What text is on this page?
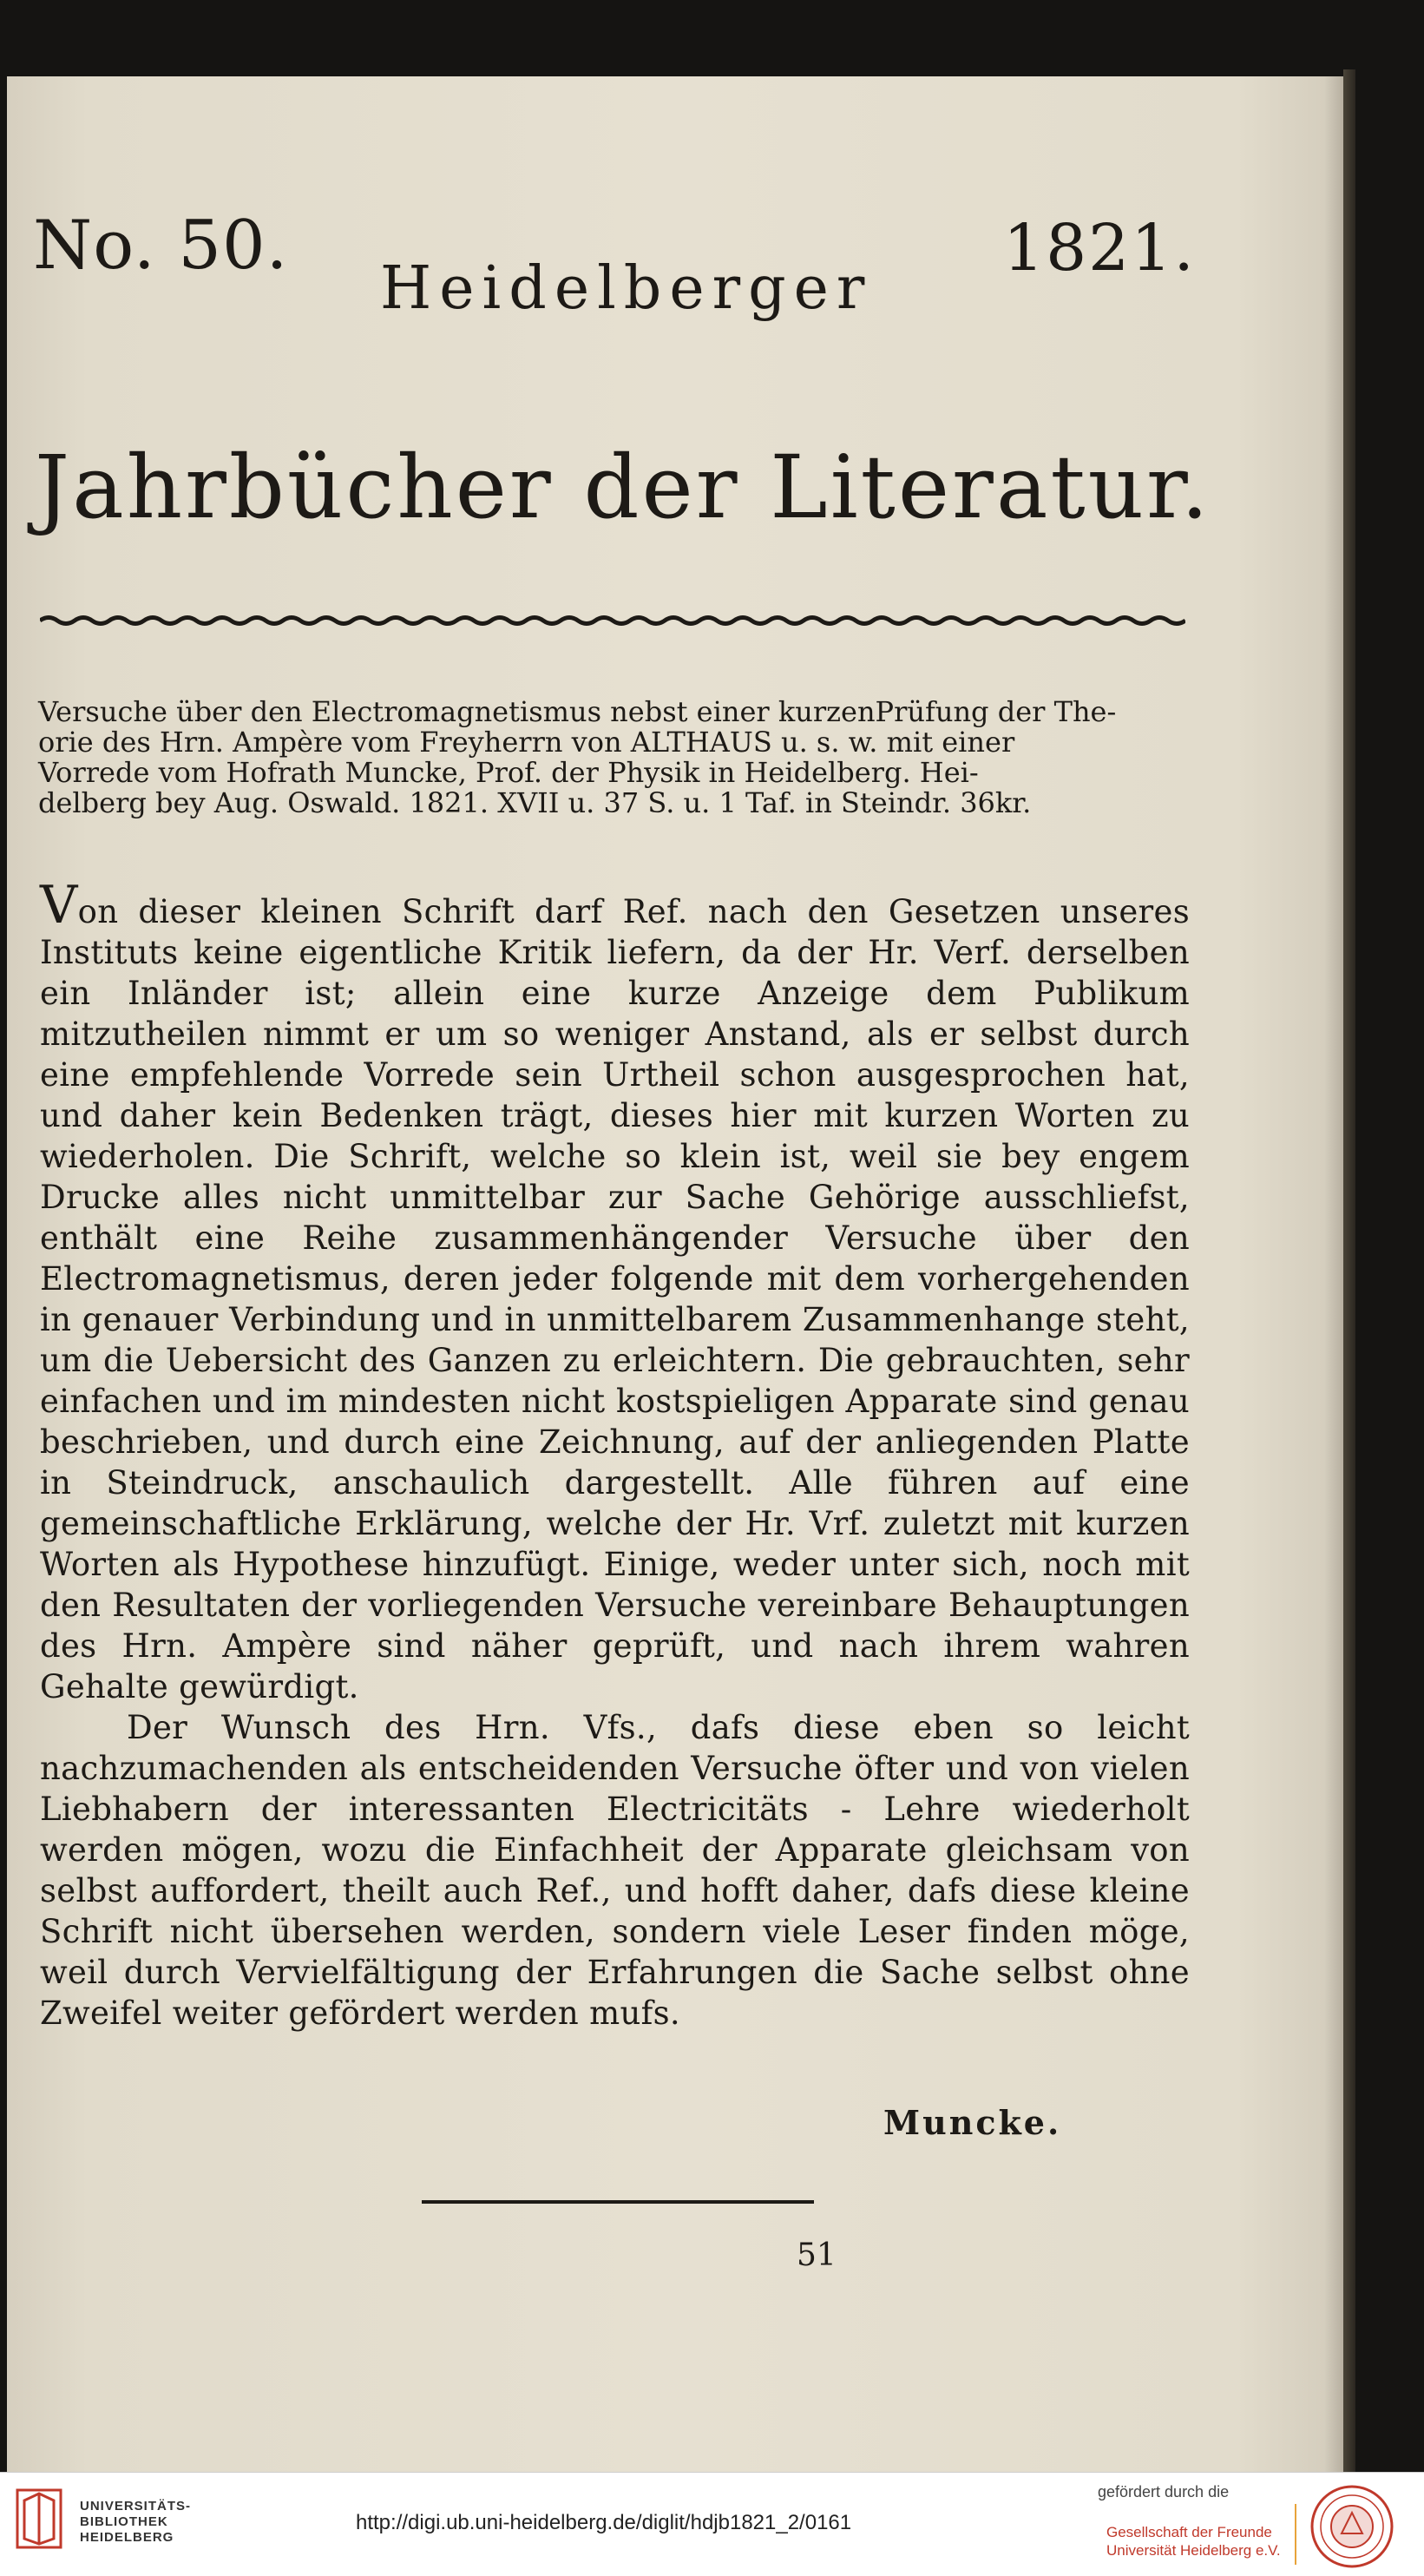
No. 50.
Heidelberger
1821.
Jahrbücher der Literatur.
Versuche über den Electromagnetismus nebst einer kurzenPrüfung der The-
orie des Hrn. Ampère vom Freyherrn von ALTHAUS u. s. w. mit einer
Vorrede vom Hofrath Muncke, Prof. der Physik in Heidelberg. Hei-
delberg bey Aug. Oswald. 1821. XVII u. 37 S. u. 1 Taf. in Steindr. 36kr.

Von dieser kleinen Schrift darf Ref. nach den Gesetzen unseres Instituts keine eigentliche Kritik liefern, da der Hr. Verf. derselben ein Inländer ist; allein eine kurze Anzeige dem Publikum mitzutheilen nimmt er um so weniger Anstand, als er selbst durch eine empfehlende Vorrede sein Urtheil schon ausgesprochen hat, und daher kein Bedenken trägt, dieses hier mit kurzen Worten zu wiederholen. Die Schrift, welche so klein ist, weil sie bey engem Drucke alles nicht unmittelbar zur Sache Gehörige ausschliefst, enthält eine Reihe zusammenhängender Versuche über den Electromagnetismus, deren jeder folgende mit dem vorhergehenden in genauer Verbindung und in unmittelbarem Zusammenhange steht, um die Uebersicht des Ganzen zu erleichtern. Die gebrauchten, sehr einfachen und im mindesten nicht kostspieligen Apparate sind genau beschrieben, und durch eine Zeichnung, auf der anliegenden Platte in Steindruck, anschaulich dargestellt. Alle führen auf eine gemeinschaftliche Erklärung, welche der Hr. Vrf. zuletzt mit kurzen Worten als Hypothese hinzufügt. Einige, weder unter sich, noch mit den Resultaten der vorliegenden Versuche vereinbare Behauptungen des Hrn. Ampère sind näher geprüft, und nach ihrem wahren Gehalte gewürdigt.

Der Wunsch des Hrn. Vfs., dafs diese eben so leicht nachzumachenden als entscheidenden Versuche öfter und von vielen Liebhabern der interessanten Electricitäts - Lehre wiederholt werden mögen, wozu die Einfachheit der Apparate gleichsam von selbst auffordert, theilt auch Ref., und hofft daher, dafs diese kleine Schrift nicht übersehen werden, sondern viele Leser finden möge, weil durch Vervielfältigung der Erfahrungen die Sache selbst ohne Zweifel weiter gefördert werden mufs.

Muncke.
51
UNIVERSITÄTS-
BIBLIOTHEK
HEIDELBERG
http://digi.ub.uni-heidelberg.de/diglit/hdjb1821_2/0161
gefördert durch die
Gesellschaft der Freunde
Universität Heidelberg e.V.
